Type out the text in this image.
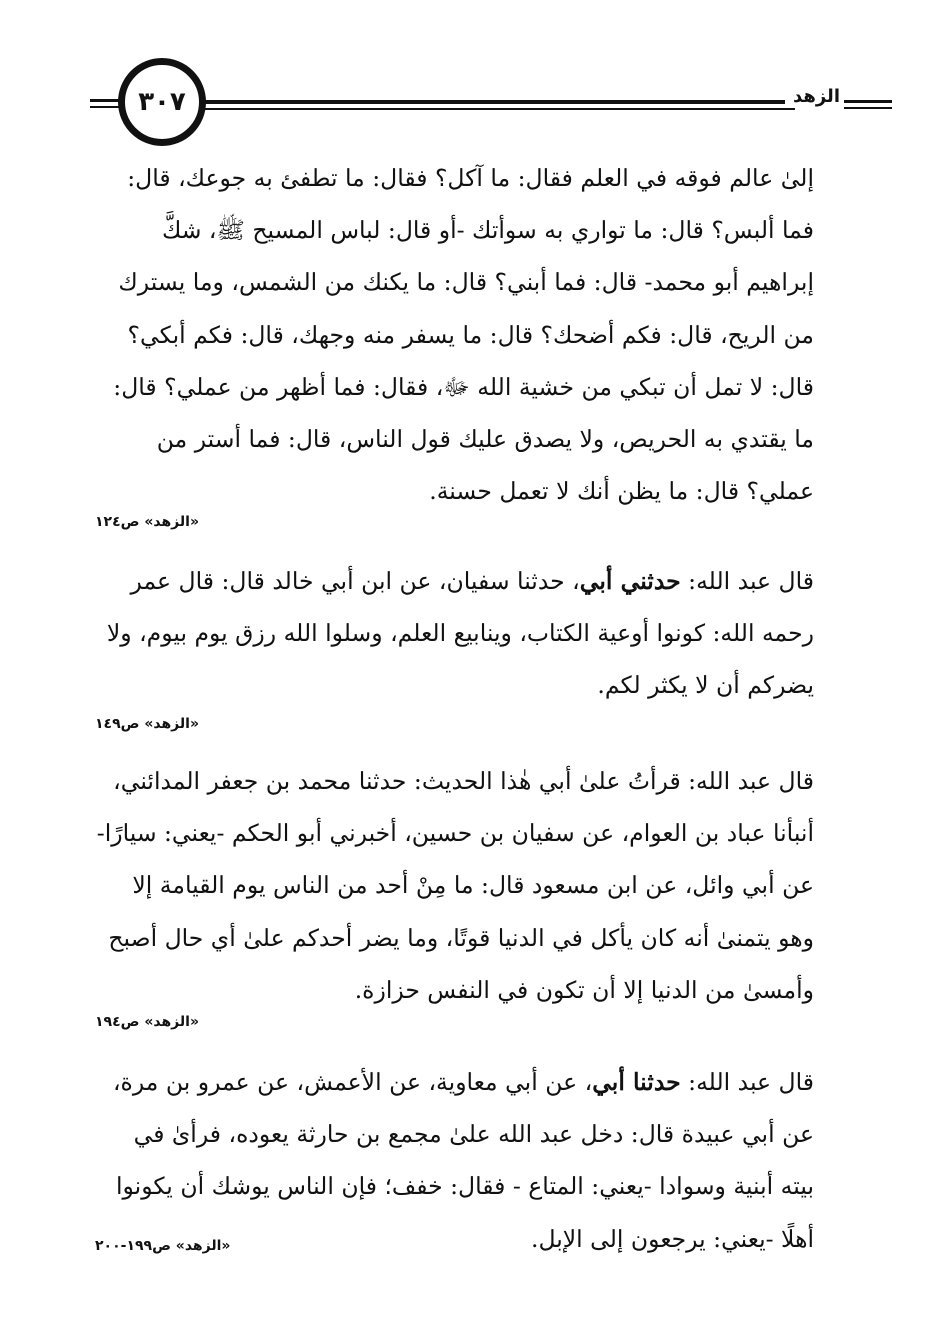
٣٠٧	الزهد

إلىٰ عالم فوقه في العلم فقال: ما آكل؟ فقال: ما تطفئ به جوعك، قال: فما ألبس؟ قال: ما تواري به سوأتك -أو قال: لباس المسيح ﷺ، شكَّ إبراهيم أبو محمد- قال: فما أبني؟ قال: ما يكنك من الشمس، وما يسترك من الريح، قال: فكم أضحك؟ قال: ما يسفر منه وجهك، قال: فكم أبكي؟ قال: لا تمل أن تبكي من خشية الله ﷻ، فقال: فما أظهر من عملي؟ قال: ما يقتدي به الحريص، ولا يصدق عليك قول الناس، قال: فما أستر من عملي؟ قال: ما يظن أنك لا تعمل حسنة.

«الزهد» ص١٢٤

قال عبد الله: حدثني أبي، حدثنا سفيان، عن ابن أبي خالد قال: قال عمر رحمه الله: كونوا أوعية الكتاب، وينابيع العلم، وسلوا الله رزق يوم بيوم، ولا يضركم أن لا يكثر لكم.

«الزهد» ص١٤٩

قال عبد الله: قرأتُ علىٰ أبي هٰذا الحديث: حدثنا محمد بن جعفر المدائني، أنبأنا عباد بن العوام، عن سفيان بن حسين، أخبرني أبو الحكم -يعني: سيارًا- عن أبي وائل، عن ابن مسعود قال: ما مِنْ أحد من الناس يوم القيامة إلا وهو يتمنىٰ أنه كان يأكل في الدنيا قوتًا، وما يضر أحدكم علىٰ أي حال أصبح وأمسىٰ من الدنيا إلا أن تكون في النفس حزازة.

«الزهد» ص١٩٤

قال عبد الله: حدثنا أبي، عن أبي معاوية، عن الأعمش، عن عمرو بن مرة، عن أبي عبيدة قال: دخل عبد الله علىٰ مجمع بن حارثة يعوده، فرأىٰ في بيته أبنية وسوادا -يعني: المتاع - فقال: خفف؛ فإن الناس يوشك أن يكونوا أهلًا -يعني: يرجعون إلى الإبل.

«الزهد» ص١٩٩-٢٠٠
